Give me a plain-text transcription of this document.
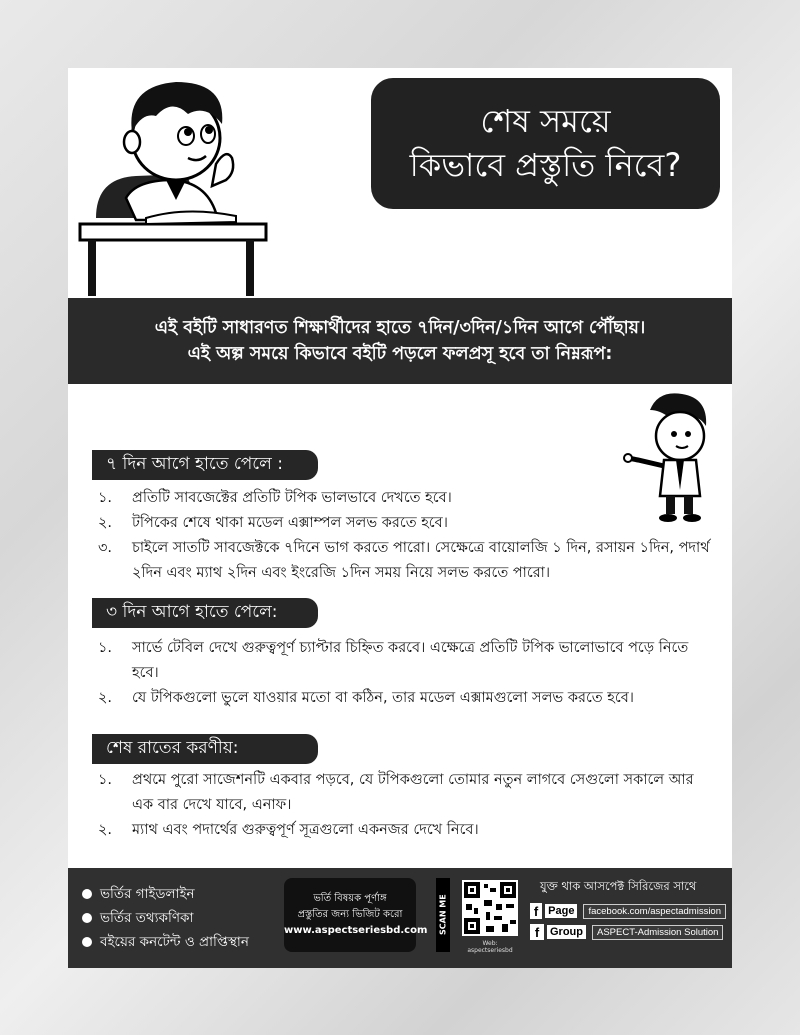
শেষ সময়ে
কিভাবে প্রস্তুতি নিবে?
এই বইটি সাধারণত শিক্ষার্থীদের হাতে ৭দিন/৩দিন/১দিন আগে পৌঁছায়।
এই অল্প সময়ে কিভাবে বইটি পড়লে ফলপ্রসূ হবে তা নিম্নরূপ:
৭ দিন আগে হাতে পেলে :
১.	প্রতিটি সাবজেক্টের প্রতিটি টপিক ভালভাবে দেখতে হবে।
২.	টপিকের শেষে থাকা মডেল এক্সাম্পল সলভ করতে হবে।
৩.	চাইলে সাতটি সাবজেক্টকে ৭দিনে ভাগ করতে পারো। সেক্ষেত্রে বায়োলজি ১ দিন, রসায়ন ১দিন, পদার্থ ২দিন এবং ম্যাথ ২দিন এবং ইংরেজি ১দিন সময় নিয়ে সলভ করতে পারো।
৩ দিন আগে হাতে পেলে:
১.	সার্ভে টেবিল দেখে গুরুত্বপূর্ণ চ্যাপ্টার চিহ্নিত করবে। এক্ষেত্রে প্রতিটি টপিক ভালোভাবে পড়ে নিতে হবে।
২.	যে টপিকগুলো ভুলে যাওয়ার মতো বা কঠিন, তার মডেল এক্সামগুলো সলভ করতে হবে।
শেষ রাতের করণীয়:
১.	প্রথমে পুরো সাজেশনটি একবার পড়বে, যে টপিকগুলো তোমার নতুন লাগবে সেগুলো সকালে আর এক বার দেখে যাবে, এনাফ।
২.	ম্যাথ এবং পদার্থের গুরুত্বপূর্ণ সূত্রগুলো একনজর দেখে নিবে।
ভর্তির গাইডলাইন
ভর্তির তথ্যকণিকা
বইয়ের কনটেন্ট ও প্রাপ্তিস্থান
ভর্তি বিষয়ক পূর্ণাঙ্গ
প্রস্তুতির জন্য ভিজিট করো
www.aspectseriesbd.com	SCAN ME
Web: aspectseriesbd
যুক্ত থাক আসপেক্ট সিরিজের সাথে
f Page	facebook.com/aspectadmission
f Group	ASPECT-Admission Solution
